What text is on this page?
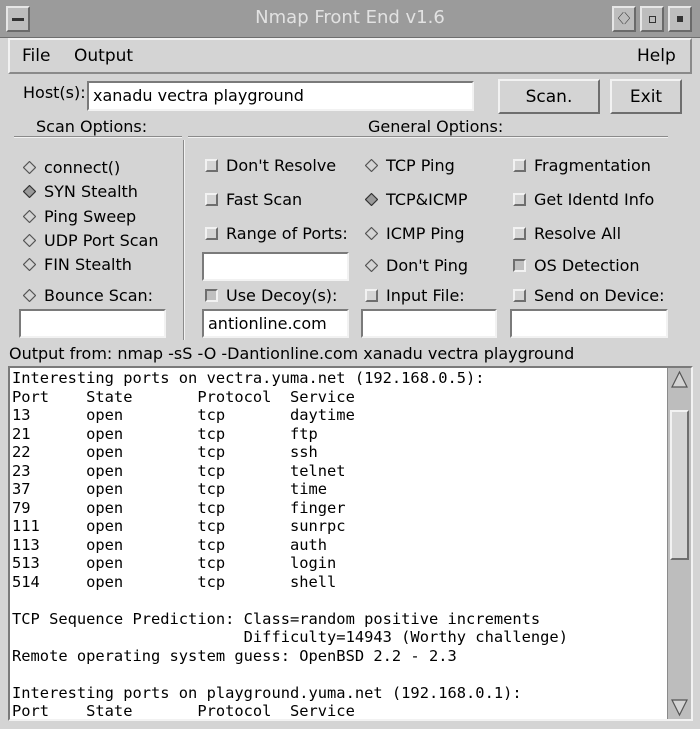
Nmap Front End v1.6	〈〉
File Output	Help
Host(s): xanadu vectra playground	Scan.	Exit
Scan Options:	General Options:
connect()
SYN Stealth
Ping Sweep
UDP Port Scan
FIN Stealth
Bounce Scan:
Don't Resolve
Fast Scan
Range of Ports:
Use Decoy(s):
antionline.com
TCP Ping
TCP&ICMP
ICMP Ping
Don't Ping
Input File:
Fragmentation
Get Identd Info
Resolve All
OS Detection
Send on Device:
Output from: nmap -sS -O -Dantionline.com xanadu vectra playground
Interesting ports on vectra.yuma.net (192.168.0.5):
Port    State       Protocol  Service
13      open        tcp       daytime
21      open        tcp       ftp
22      open        tcp       ssh
23      open        tcp       telnet
37      open        tcp       time
79      open        tcp       finger
111     open        tcp       sunrpc
113     open        tcp       auth
513     open        tcp       login
514     open        tcp       shell

TCP Sequence Prediction: Class=random positive increments
Difficulty=14943 (Worthy challenge)
Remote operating system guess: OpenBSD 2.2 - 2.3

Interesting ports on playground.yuma.net (192.168.0.1):
Port    State       Protocol  Service
